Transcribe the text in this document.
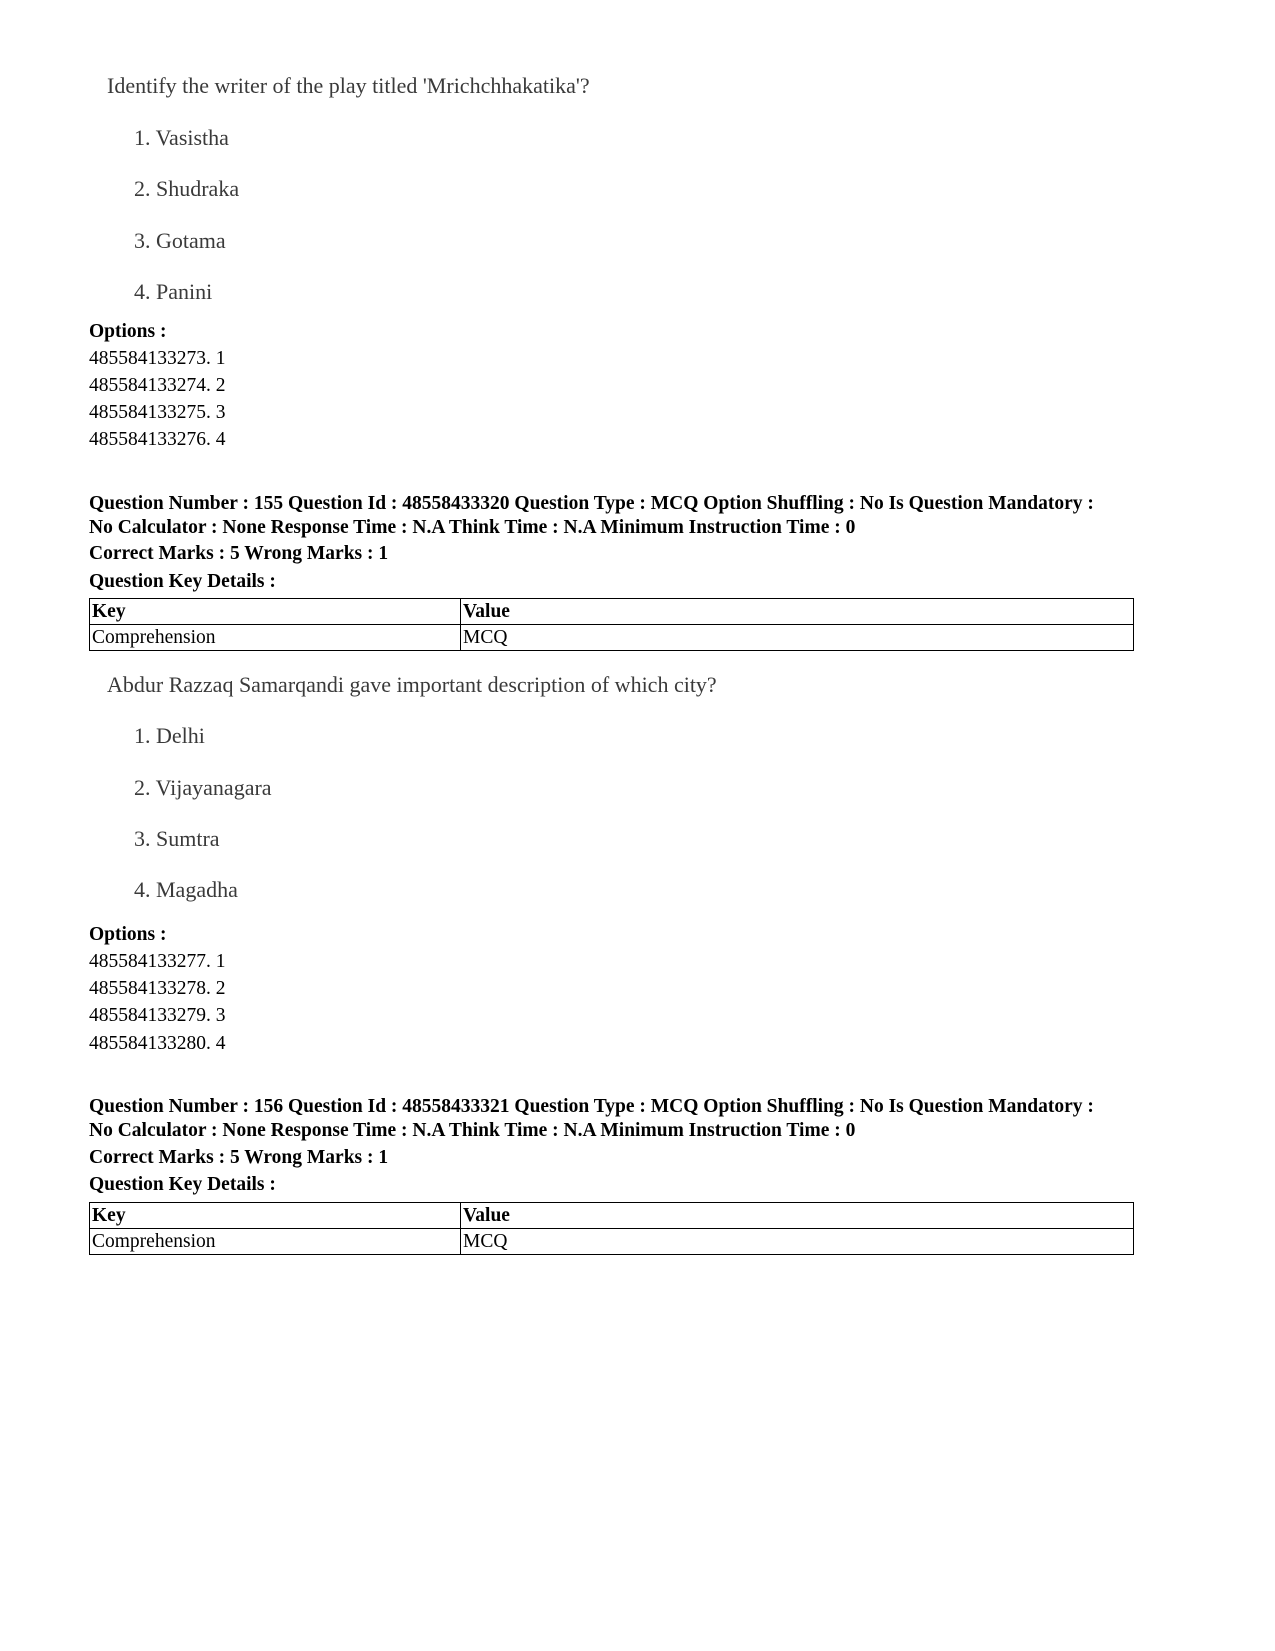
Identify the writer of the play titled 'Mrichchhakatika'?
1. Vasistha
2. Shudraka
3. Gotama
4. Panini
Options :
485584133273. 1
485584133274. 2
485584133275. 3
485584133276. 4
Question Number : 155 Question Id : 48558433320 Question Type : MCQ Option Shuffling : No Is Question Mandatory :
No Calculator : None Response Time : N.A Think Time : N.A Minimum Instruction Time : 0
Correct Marks : 5 Wrong Marks : 1
Question Key Details :
Key	Value
Comprehension	MCQ
Abdur Razzaq Samarqandi gave important description of which city?
1. Delhi
2. Vijayanagara
3. Sumtra
4. Magadha
Options :
485584133277. 1
485584133278. 2
485584133279. 3
485584133280. 4
Question Number : 156 Question Id : 48558433321 Question Type : MCQ Option Shuffling : No Is Question Mandatory :
No Calculator : None Response Time : N.A Think Time : N.A Minimum Instruction Time : 0
Correct Marks : 5 Wrong Marks : 1
Question Key Details :
Key	Value
Comprehension	MCQ
